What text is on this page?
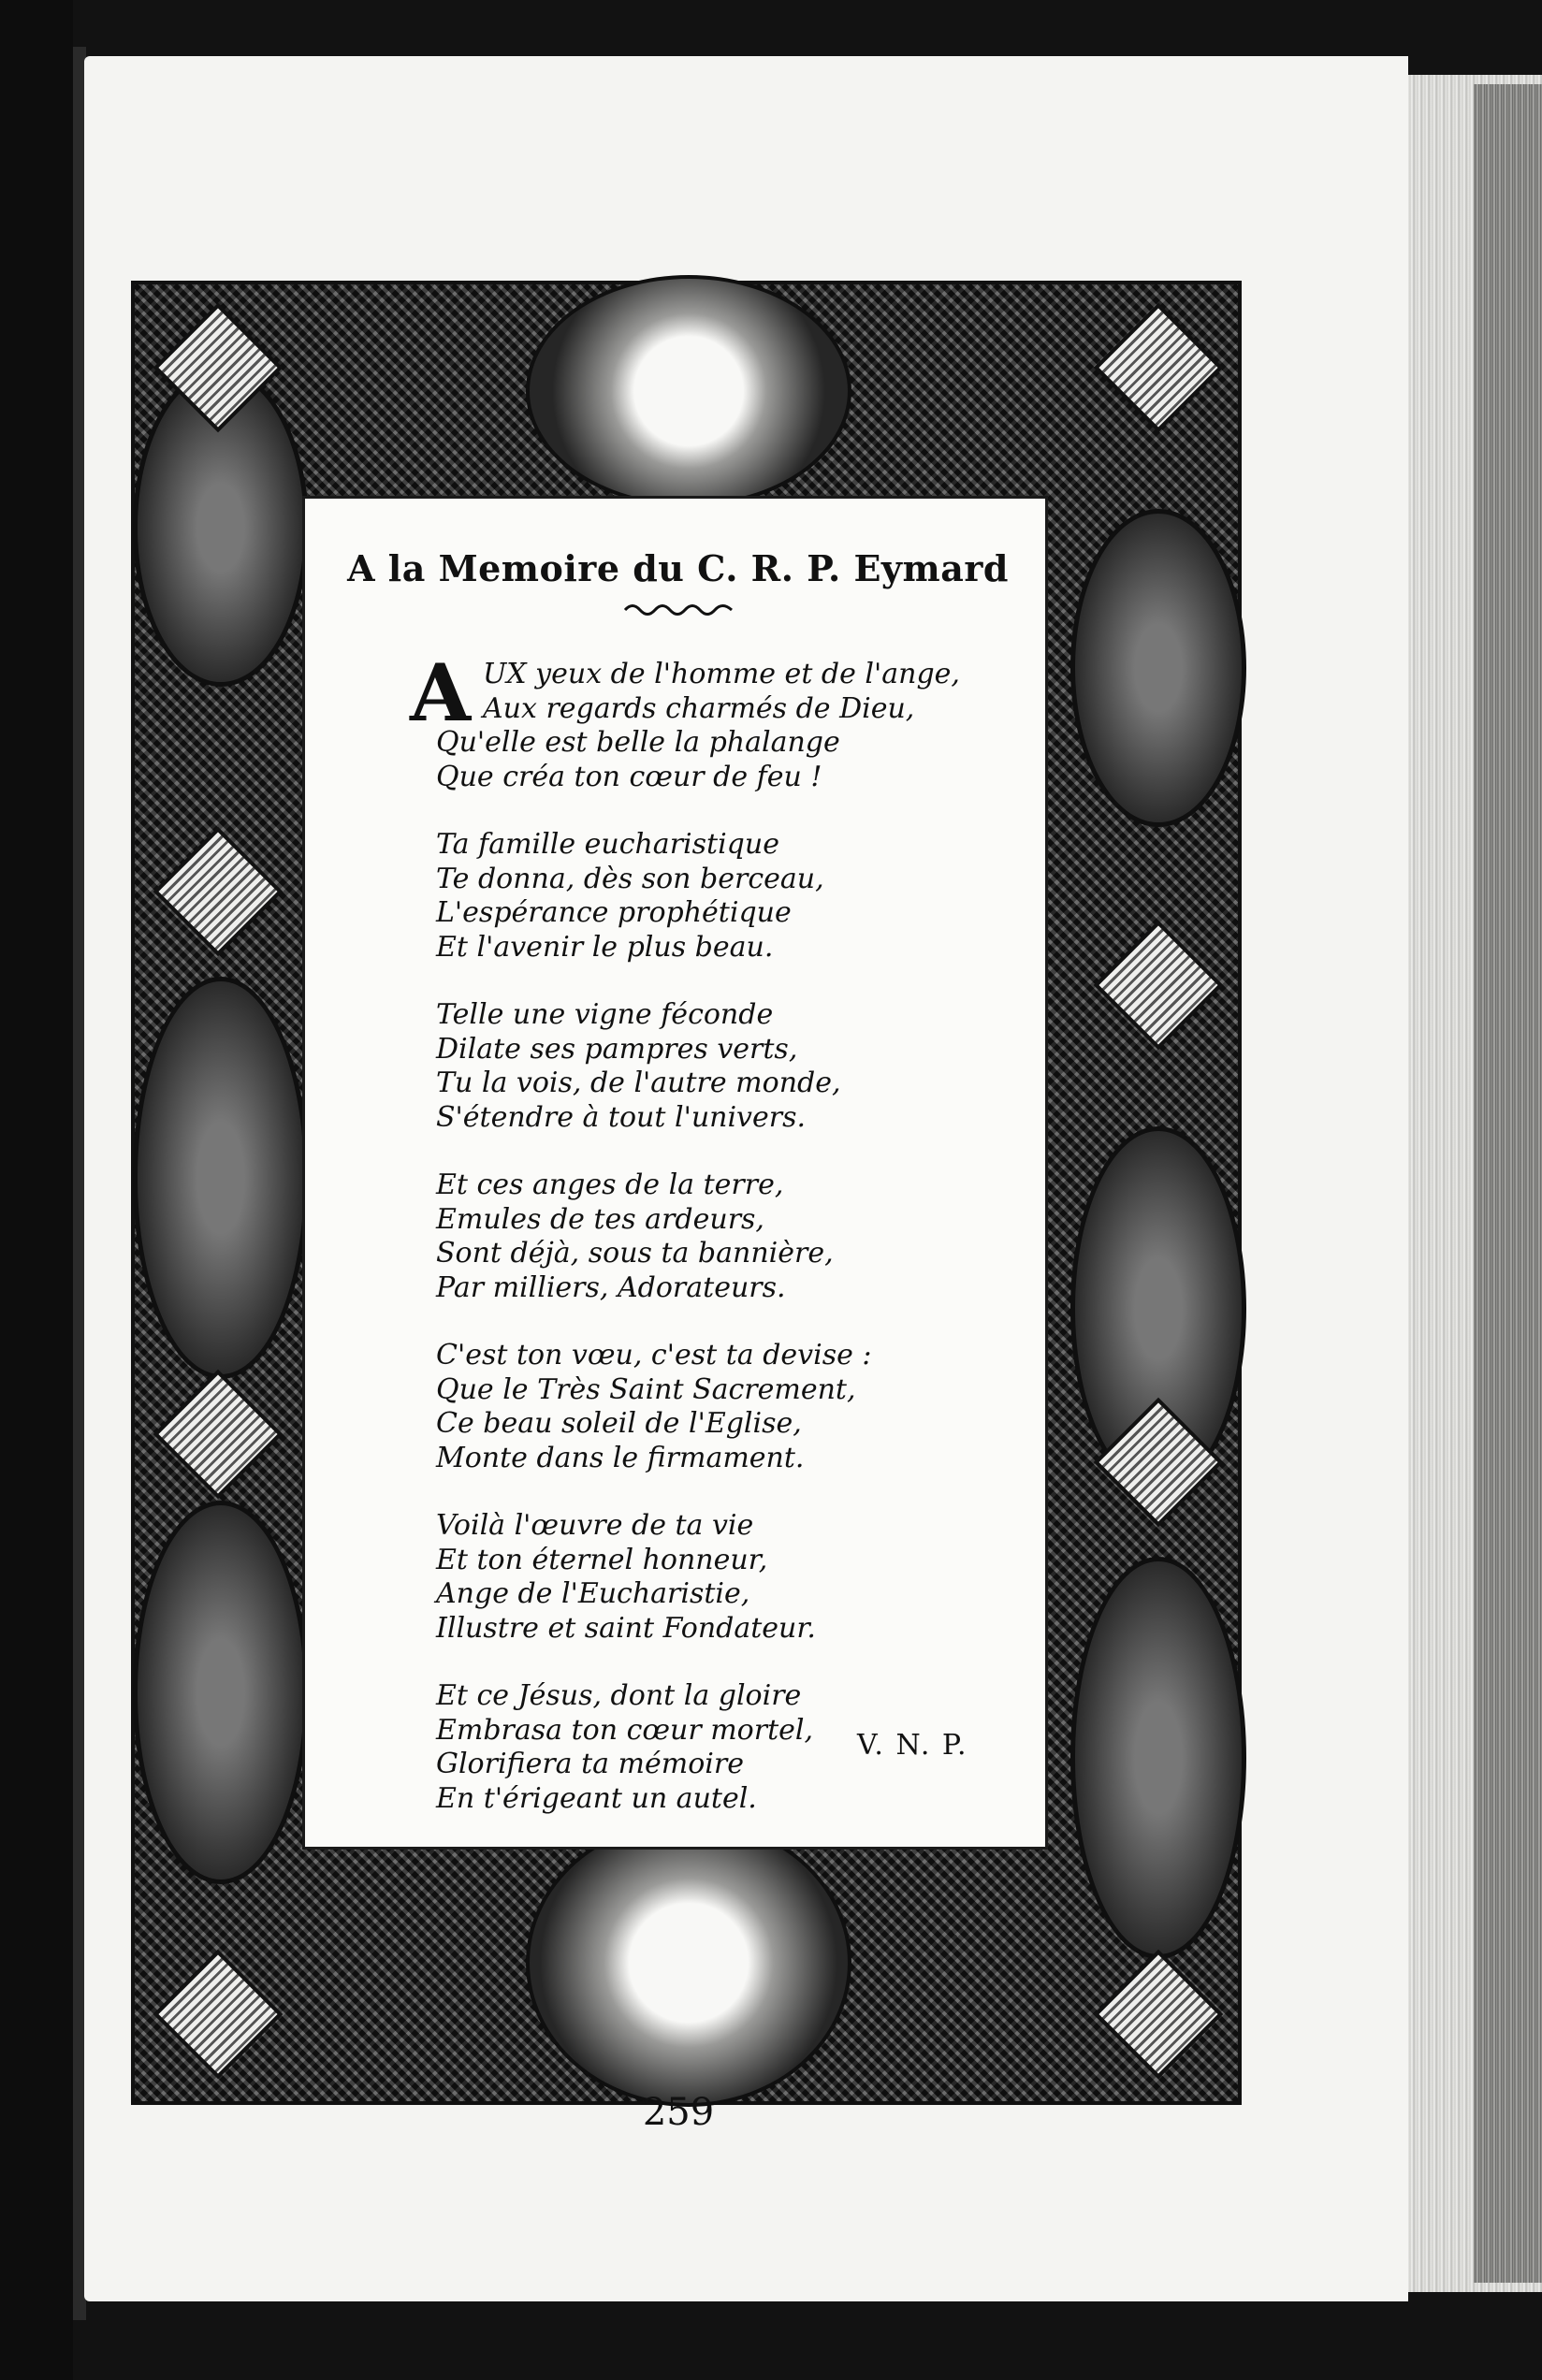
A la Memoire du C. R. P. Eymard
A UX yeux de l'homme et de l'ange,
Aux regards charmés de Dieu,
Qu'elle est belle la phalange
Que créa ton cœur de feu !
Ta famille eucharistique
Te donna, dès son berceau,
L'espérance prophétique
Et l'avenir le plus beau.
Telle une vigne féconde
Dilate ses pampres verts,
Tu la vois, de l'autre monde,
S'étendre à tout l'univers.
Et ces anges de la terre,
Emules de tes ardeurs,
Sont déjà, sous ta bannière,
Par milliers, Adorateurs.
C'est ton vœu, c'est ta devise :
Que le Très Saint Sacrement,
Ce beau soleil de l'Eglise,
Monte dans le firmament.
Voilà l'œuvre de ta vie
Et ton éternel honneur,
Ange de l'Eucharistie,
Illustre et saint Fondateur.
Et ce Jésus, dont la gloire
Embrasa ton cœur mortel,
Glorifiera ta mémoire
En t'érigeant un autel.
V. N. P.
259
